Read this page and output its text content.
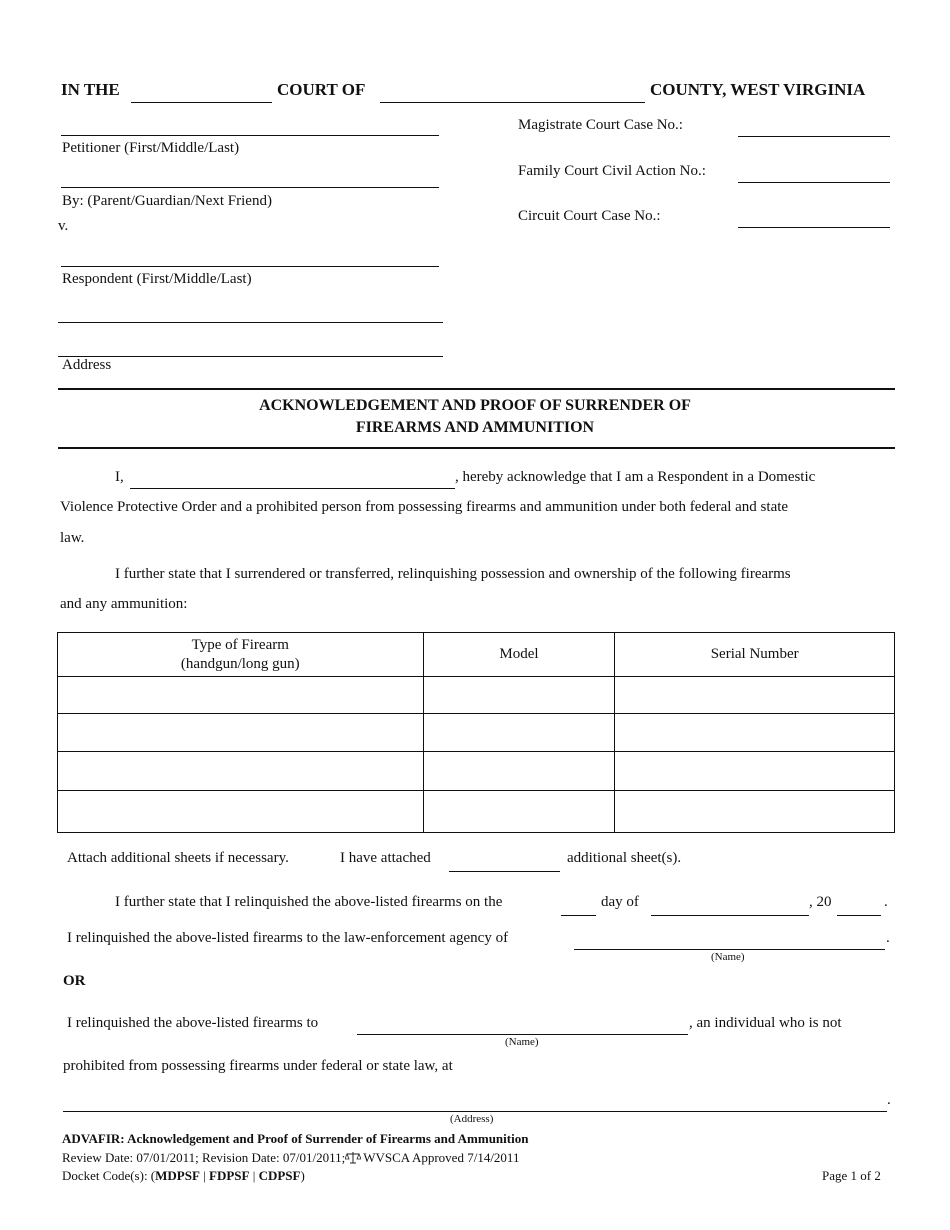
IN THE	COURT OF	COUNTY, WEST VIRGINIA
Petitioner (First/Middle/Last)
By: (Parent/Guardian/Next Friend)
v.
Respondent (First/Middle/Last)
Address
Magistrate Court Case No.:
Family Court Civil Action No.:
Circuit Court Case No.:
ACKNOWLEDGEMENT AND PROOF OF SURRENDER OF
FIREARMS AND AMMUNITION
I,	, hereby acknowledge that I am a Respondent in a Domestic
Violence Protective Order and a prohibited person from possessing firearms and ammunition under both federal and state
law.
I further state that I surrendered or transferred, relinquishing possession and ownership of the following firearms
and any ammunition:
Type of Firearm
(handgun/long gun)	Model	Serial Number

Attach additional sheets if necessary.	I have attached	additional sheet(s).
I further state that I relinquished the above-listed firearms on the	day of	, 20	.
I relinquished the above-listed firearms to the law-enforcement agency of	.
(Name)
OR
I relinquished the above-listed firearms to	, an individual who is not
(Name)
prohibited from possessing firearms under federal or state law, at
.
(Address)
ADVAFIR: Acknowledgement and Proof of Surrender of Firearms and Ammunition
Review Date: 07/01/2011; Revision Date: 07/01/2011; WVSCA Approved 7/14/2011
Docket Code(s): (MDPSF | FDPSF | CDPSF)	Page 1 of 2
